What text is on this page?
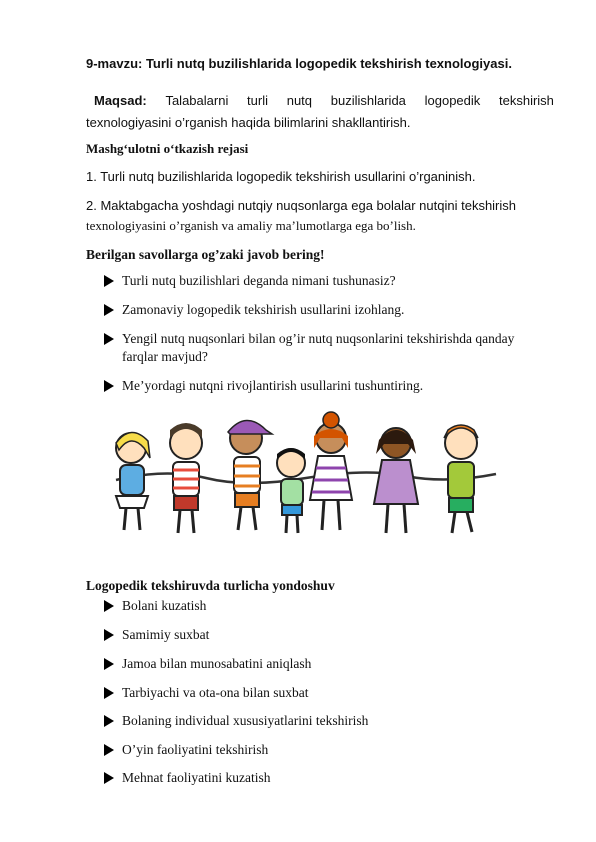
9-mavzu: Turli nutq buzilishlarida logopedik tekshirish texnologiyasi.
Maqsad: Talabalarni turli nutq buzilishlarida logopedik tekshirish
texnologiyasini o’rganish haqida bilimlarini shakllantirish.
Mashg‘ulotni o‘tkazish rejasi
1. Turli nutq buzilishlarida logopedik tekshirish usullarini o’rganinish.
2. Maktabgacha yoshdagi nutqiy nuqsonlarga ega bolalar nutqini tekshirish
texnologiyasini o’rganish va amaliy ma’lumotlarga ega bo’lish.
Berilgan savollarga og’zaki javob bering!
Turli nutq buzilishlari deganda nimani tushunasiz?
Zamonaviy logopedik tekshirish usullarini izohlang.
Yengil nutq nuqsonlari bilan og’ir nutq nuqsonlarini tekshirishda qanday farqlar mavjud?
Me’yordagi nutqni rivojlantirish usullarini tushuntiring.
Logopedik tekshiruvda turlicha yondoshuv
Bolani kuzatish
Samimiy suxbat
Jamoa bilan munosabatini aniqlash
Tarbiyachi va ota-ona bilan suxbat
Bolaning individual xususiyatlarini tekshirish
O’yin faoliyatini tekshirish
Mehnat faoliyatini kuzatish
